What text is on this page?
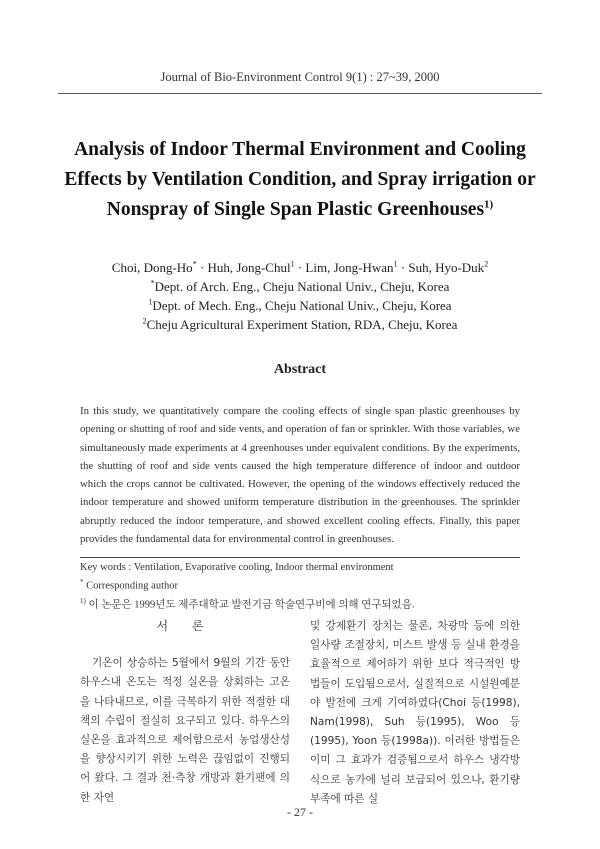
Journal of Bio-Environment Control 9(1) : 27~39, 2000
Analysis of Indoor Thermal Environment and Cooling Effects by Ventilation Condition, and Spray irrigation or Nonspray of Single Span Plastic Greenhouses$^{1)}$
Choi, Dong-Ho* · Huh, Jong-Chul$^1$ · Lim, Jong-Hwan$^1$ · Suh, Hyo-Duk$^2$
*Dept. of Arch. Eng., Cheju National Univ., Cheju, Korea
$^1$Dept. of Mech. Eng., Cheju National Univ., Cheju, Korea
$^2$Cheju Agricultural Experiment Station, RDA, Cheju, Korea
Abstract
In this study, we quantitatively compare the cooling effects of single span plastic greenhouses by opening or shutting of roof and side vents, and operation of fan or sprinkler. With those variables, we simultaneously made experiments at 4 greenhouses under equivalent conditions. By the experiments, the shutting of roof and side vents caused the high temperature difference of indoor and outdoor which the crops cannot be cultivated. However, the opening of the windows effectively reduced the indoor temperature and showed uniform temperature distribution in the greenhouses. The sprinkler abruptly reduced the indoor temperature, and showed excellent cooling effects. Finally, this paper provides the fundamental data for environmental control in greenhouses.
Key words : Ventilation, Evaporative cooling, Indoor thermal environment
* Corresponding author
$^{1)}$ 이 논문은 1999년도 제주대학교 발전기금 학술연구비에 의해 연구되었음.
서 론
기온이 상승하는 5월에서 9월의 기간 동안 하우스내 온도는 적정 실온을 상회하는 고온을 나타내므로, 이를 극복하기 위한 적절한 대책의 수립이 절실히 요구되고 있다. 하우스의 실온을 효과적으로 제어함으로서 농업생산성을 향상시키기 위한 노력은 끊임없이 진행되어 왔다. 그 결과 천·측창 개방과 환기팬에 의한 자연
및 강제환기 장치는 물론, 차광막 등에 의한 일사량 조절장치, 미스트 발생 등 실내 환경을 효율적으로 제어하기 위한 보다 적극적인 방법들이 도입됨으로서, 실질적으로 시설원예분야 발전에 크게 기여하였다(Choi 등(1998), Nam(1998), Suh 등(1995), Woo 등(1995), Yoon 등(1998a)). 이러한 방법들은 이미 그 효과가 검증됨으로서 하우스 냉각방식으로 농가에 널리 보급되어 있으나, 환기량 부족에 따른 실
- 27 -
